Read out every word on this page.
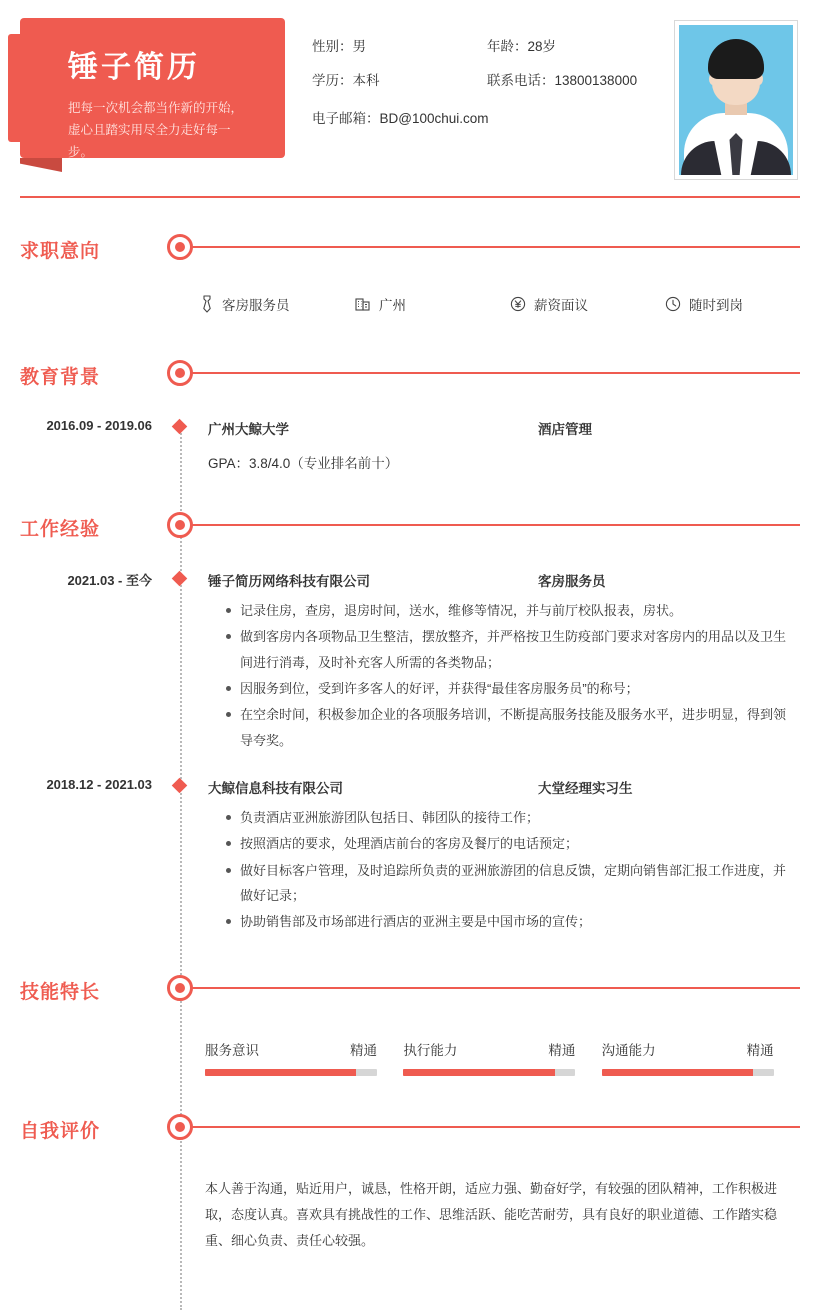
锤子简历

把每一次机会都当作新的开始，虚心且踏实用尽全力走好每一步。

性别：男	年龄：28岁
学历：本科	联系电话：13800138000
电子邮箱：BD@100chui.com
求职意向
客房服务员	广州	薪资面议	随时到岗
教育背景
2016.09 - 2019.06	广州大鲸大学	酒店管理
GPA：3.8/4.0（专业排名前十）
工作经验
2021.03 - 至今	锤子简历网络科技有限公司	客房服务员
记录住房，查房，退房时间，送水，维修等情况，并与前厅校队报表，房状。
做到客房内各项物品卫生整洁，摆放整齐，并严格按卫生防疫部门要求对客房内的用品以及卫生间进行消毒，及时补充客人所需的各类物品；
因服务到位，受到许多客人的好评，并获得“最佳客房服务员”的称号；
在空余时间，积极参加企业的各项服务培训，不断提高服务技能及服务水平，进步明显，得到领导夸奖。
2018.12 - 2021.03	大鲸信息科技有限公司	大堂经理实习生
负责酒店亚洲旅游团队包括日、韩团队的接待工作；
按照酒店的要求，处理酒店前台的客房及餐厅的电话预定；
做好目标客户管理，及时追踪所负责的亚洲旅游团的信息反馈，定期向销售部汇报工作进度，并做好记录；
协助销售部及市场部进行酒店的亚洲主要是中国市场的宣传；
技能特长
服务意识	精通 执行能力	精通 沟通能力	精通
自我评价
本人善于沟通，贴近用户，诚恳，性格开朗，适应力强、勤奋好学，有较强的团队精神，工作积极进取，态度认真。喜欢具有挑战性的工作、思维活跃、能吃苦耐劳，具有良好的职业道德、工作踏实稳重、细心负责、责任心较强。
